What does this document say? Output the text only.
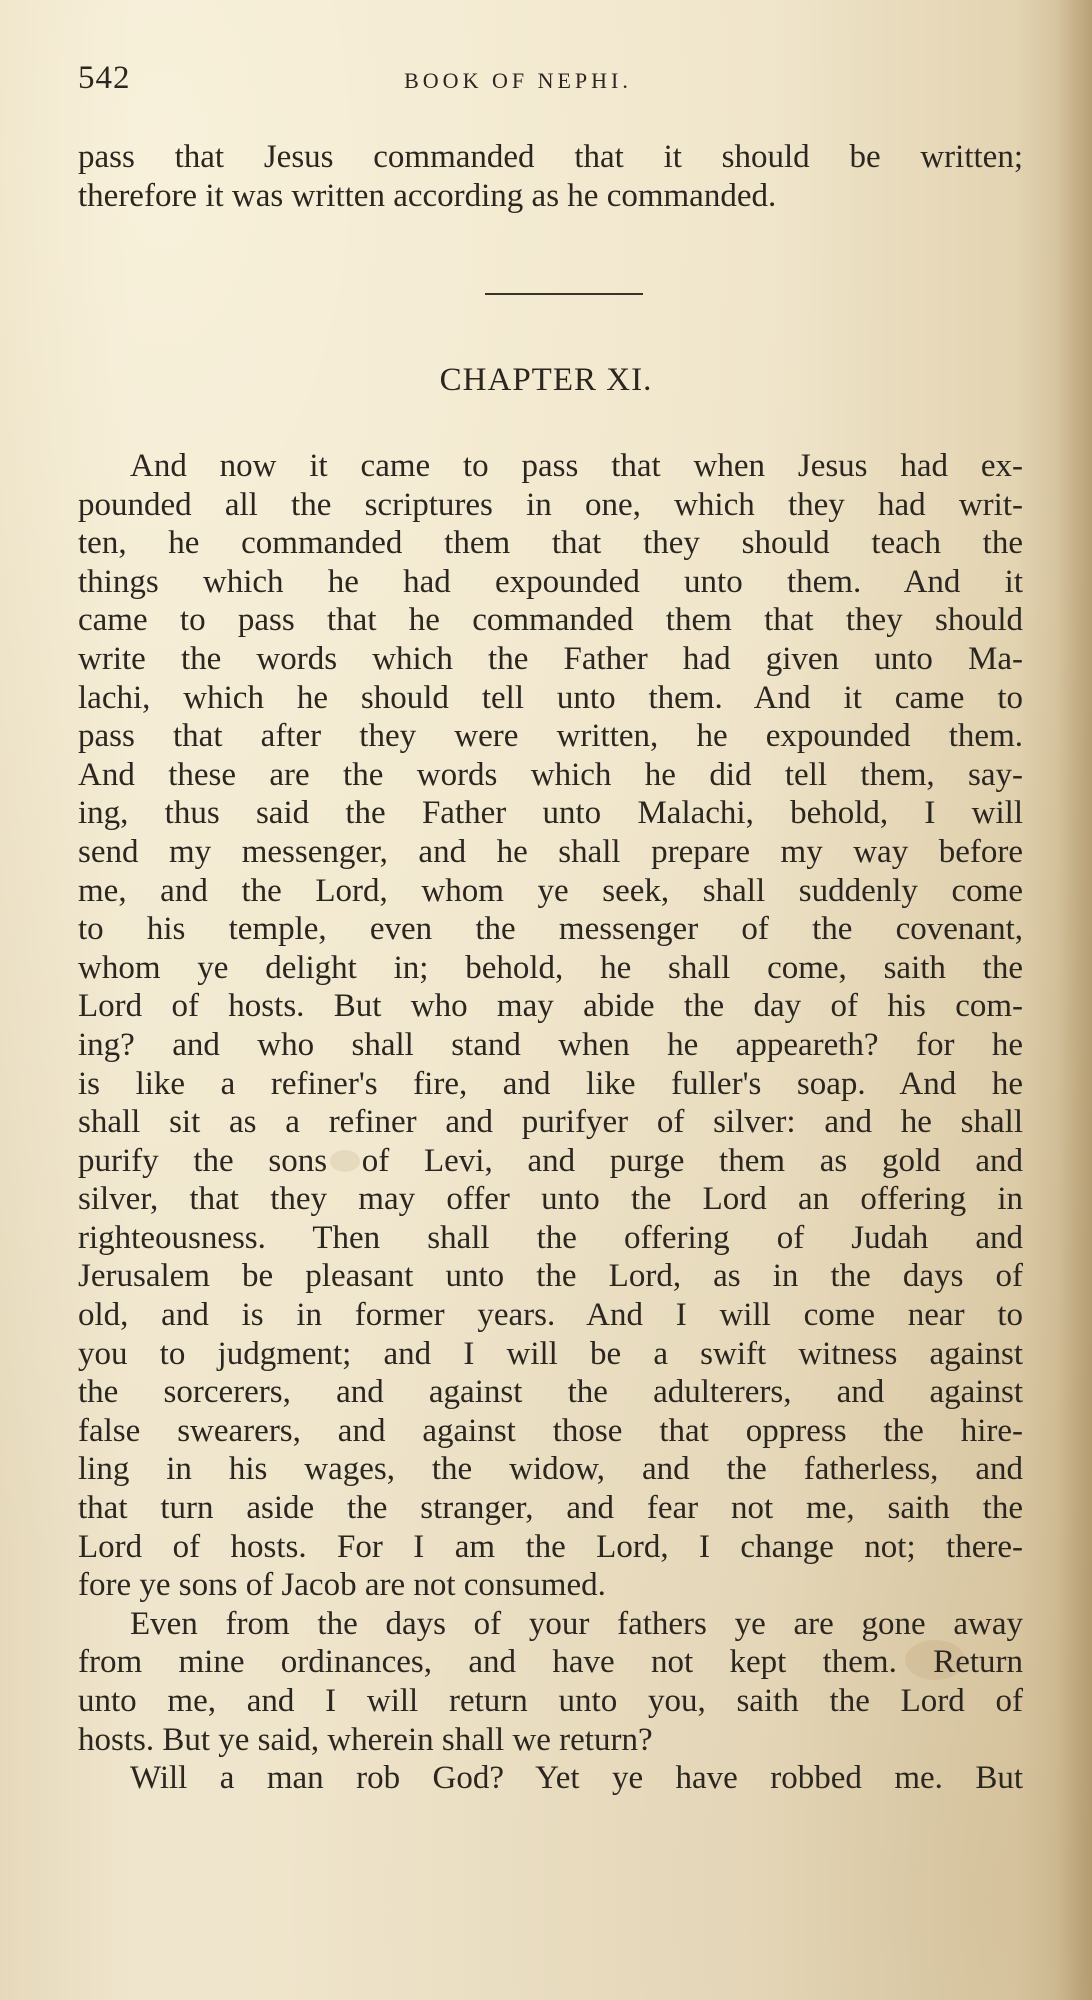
542	BOOK OF NEPHI.
pass that Jesus commanded that it should be written;
therefore it was written according as he commanded.
CHAPTER XI.
And now it came to pass that when Jesus had ex-
pounded all the scriptures in one, which they had writ-
ten, he commanded them that they should teach the
things which he had expounded unto them. And it
came to pass that he commanded them that they should
write the words which the Father had given unto Ma-
lachi, which he should tell unto them. And it came to
pass that after they were written, he expounded them.
And these are the words which he did tell them, say-
ing, thus said the Father unto Malachi, behold, I will
send my messenger, and he shall prepare my way before
me, and the Lord, whom ye seek, shall suddenly come
to his temple, even the messenger of the covenant,
whom ye delight in; behold, he shall come, saith the
Lord of hosts. But who may abide the day of his com-
ing? and who shall stand when he appeareth? for he
is like a refiner's fire, and like fuller's soap. And he
shall sit as a refiner and purifyer of silver: and he shall
purify the sons of Levi, and purge them as gold and
silver, that they may offer unto the Lord an offering in
righteousness. Then shall the offering of Judah and
Jerusalem be pleasant unto the Lord, as in the days of
old, and is in former years. And I will come near to
you to judgment; and I will be a swift witness against
the sorcerers, and against the adulterers, and against
false swearers, and against those that oppress the hire-
ling in his wages, the widow, and the fatherless, and
that turn aside the stranger, and fear not me, saith the
Lord of hosts. For I am the Lord, I change not; there-
fore ye sons of Jacob are not consumed.
Even from the days of your fathers ye are gone away
from mine ordinances, and have not kept them. Return
unto me, and I will return unto you, saith the Lord of
hosts. But ye said, wherein shall we return?
Will a man rob God? Yet ye have robbed me. But
